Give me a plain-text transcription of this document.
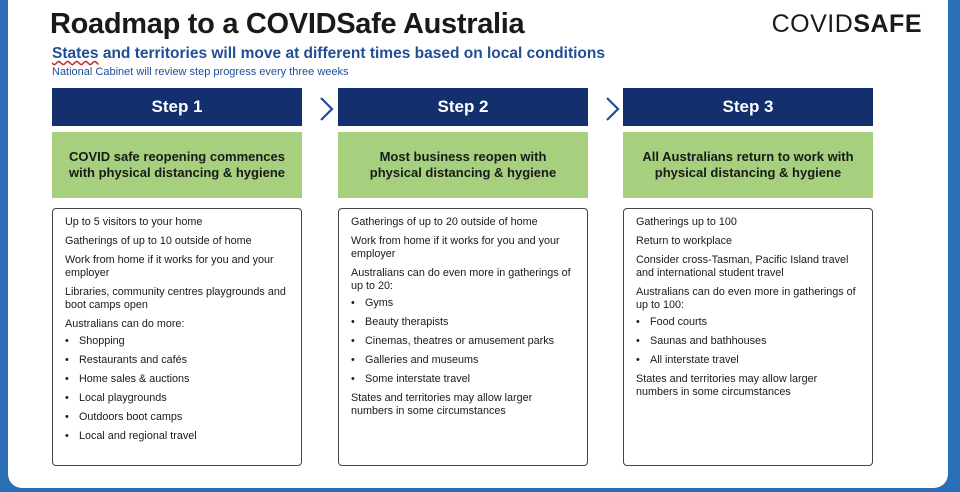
Roadmap to a COVIDSafe Australia	COVIDSAFE
States and territories will move at different times based on local conditions
National Cabinet will review step progress every three weeks
Step 1
COVID safe reopening commences with physical distancing & hygiene

Up to 5 visitors to your home

Gatherings of up to 10 outside of home

Work from home if it works for you and your employer

Libraries, community centres playgrounds and boot camps open

Australians can do more:

• Shopping
• Restaurants and cafés
• Home sales & auctions
• Local playgrounds
• Outdoors boot camps
• Local and regional travel
Step 2
Most business reopen with physical distancing & hygiene

Gatherings of up to 20 outside of home

Work from home if it works for you and your employer

Australians can do even more in gatherings of up to 20:

• Gyms
• Beauty therapists
• Cinemas, theatres or amusement parks
• Galleries and museums
• Some interstate travel

States and territories may allow larger numbers in some circumstances

Step 3
All Australians return to work with physical distancing & hygiene

Gatherings up to 100

Return to workplace

Consider cross-Tasman, Pacific Island travel and international student travel

Australians can do even more in gatherings of up to 100:

• Food courts
• Saunas and bathhouses
• All interstate travel

States and territories may allow larger numbers in some circumstances
